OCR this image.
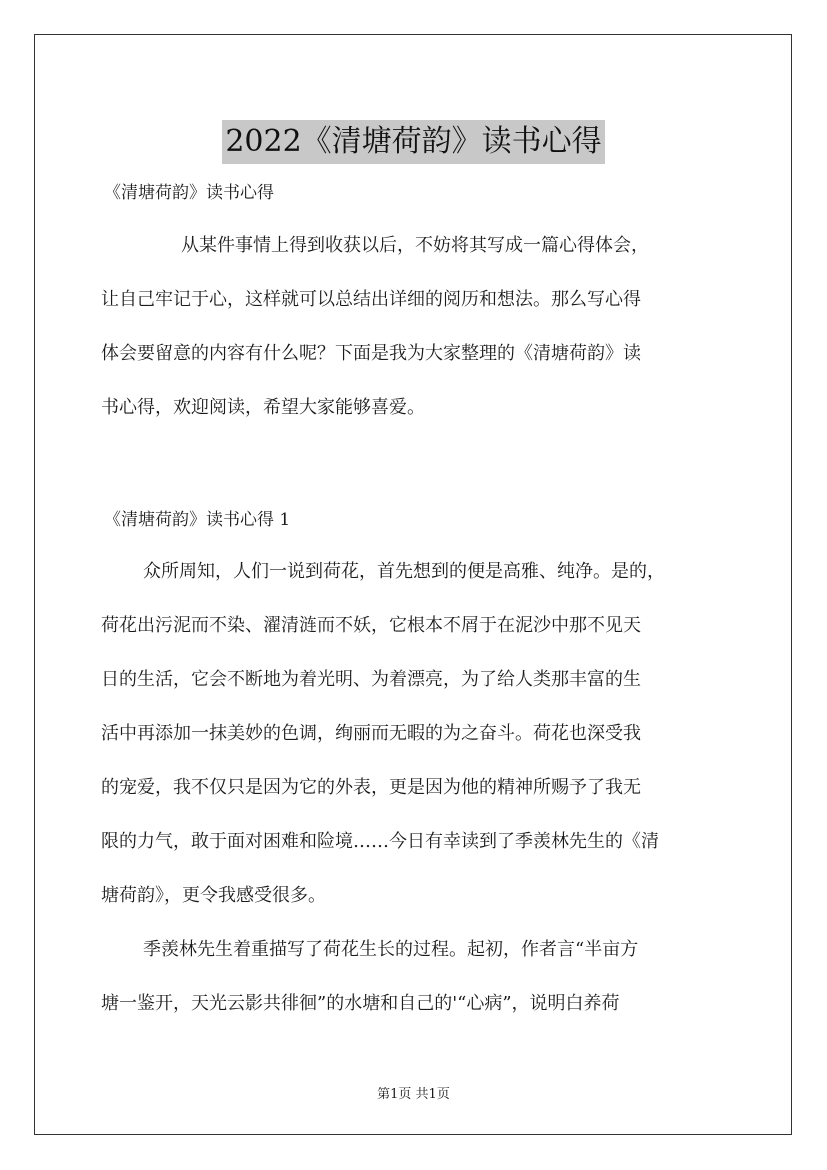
2022《清塘荷韵》读书心得
《清塘荷韵》读书心得

从某件事情上得到收获以后，不妨将其写成一篇心得体会，
让自己牢记于心，这样就可以总结出详细的阅历和想法。那么写心得
体会要留意的内容有什么呢？下面是我为大家整理的《清塘荷韵》读
书心得，欢迎阅读，希望大家能够喜爱。

《清塘荷韵》读书心得 1

众所周知，人们一说到荷花，首先想到的便是高雅、纯净。是的，
荷花出污泥而不染、濯清涟而不妖，它根本不屑于在泥沙中那不见天
日的生活，它会不断地为着光明、为着漂亮，为了给人类那丰富的生
活中再添加一抹美妙的色调，绚丽而无暇的为之奋斗。荷花也深受我
的宠爱，我不仅只是因为它的外表，更是因为他的精神所赐予了我无
限的力气，敢于面对困难和险境……今日有幸读到了季羡林先生的《清
塘荷韵》，更令我感受很多。

季羡林先生着重描写了荷花生长的过程。起初，作者言“半亩方
塘一鉴开，天光云影共徘徊”的水塘和自己的'“心病”，说明白养荷

第1页 共1页
